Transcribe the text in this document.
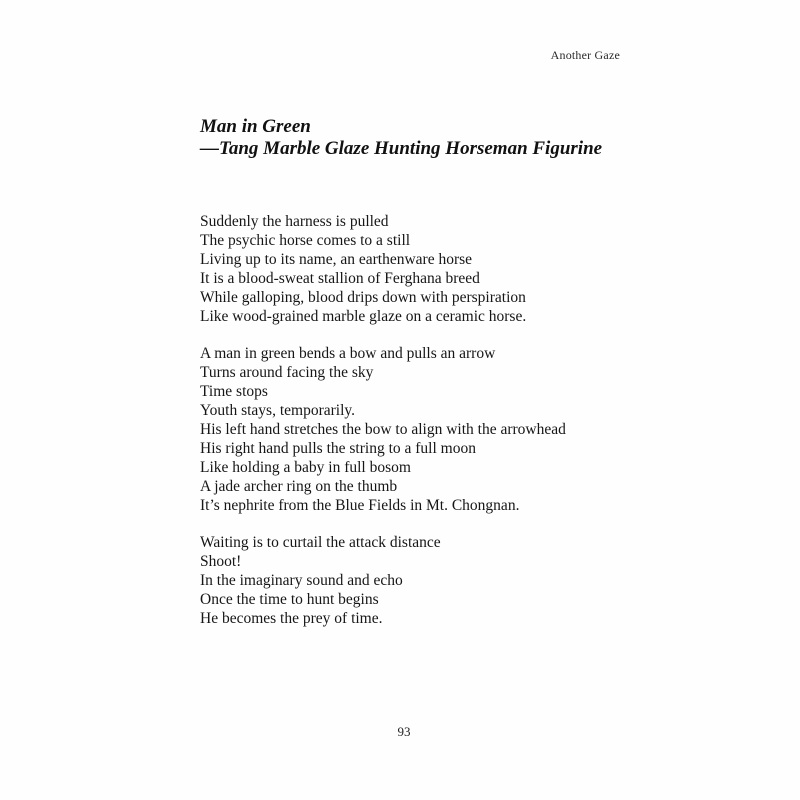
Another Gaze
Man in Green
—Tang Marble Glaze Hunting Horseman Figurine
Suddenly the harness is pulled
The psychic horse comes to a still
Living up to its name, an earthenware horse
It is a blood-sweat stallion of Ferghana breed
While galloping, blood drips down with perspiration
Like wood-grained marble glaze on a ceramic horse.
A man in green bends a bow and pulls an arrow
Turns around facing the sky
Time stops
Youth stays, temporarily.
His left hand stretches the bow to align with the arrowhead
His right hand pulls the string to a full moon
Like holding a baby in full bosom
A jade archer ring on the thumb
It’s nephrite from the Blue Fields in Mt. Chongnan.
Waiting is to curtail the attack distance
Shoot!
In the imaginary sound and echo
Once the time to hunt begins
He becomes the prey of time.
93
